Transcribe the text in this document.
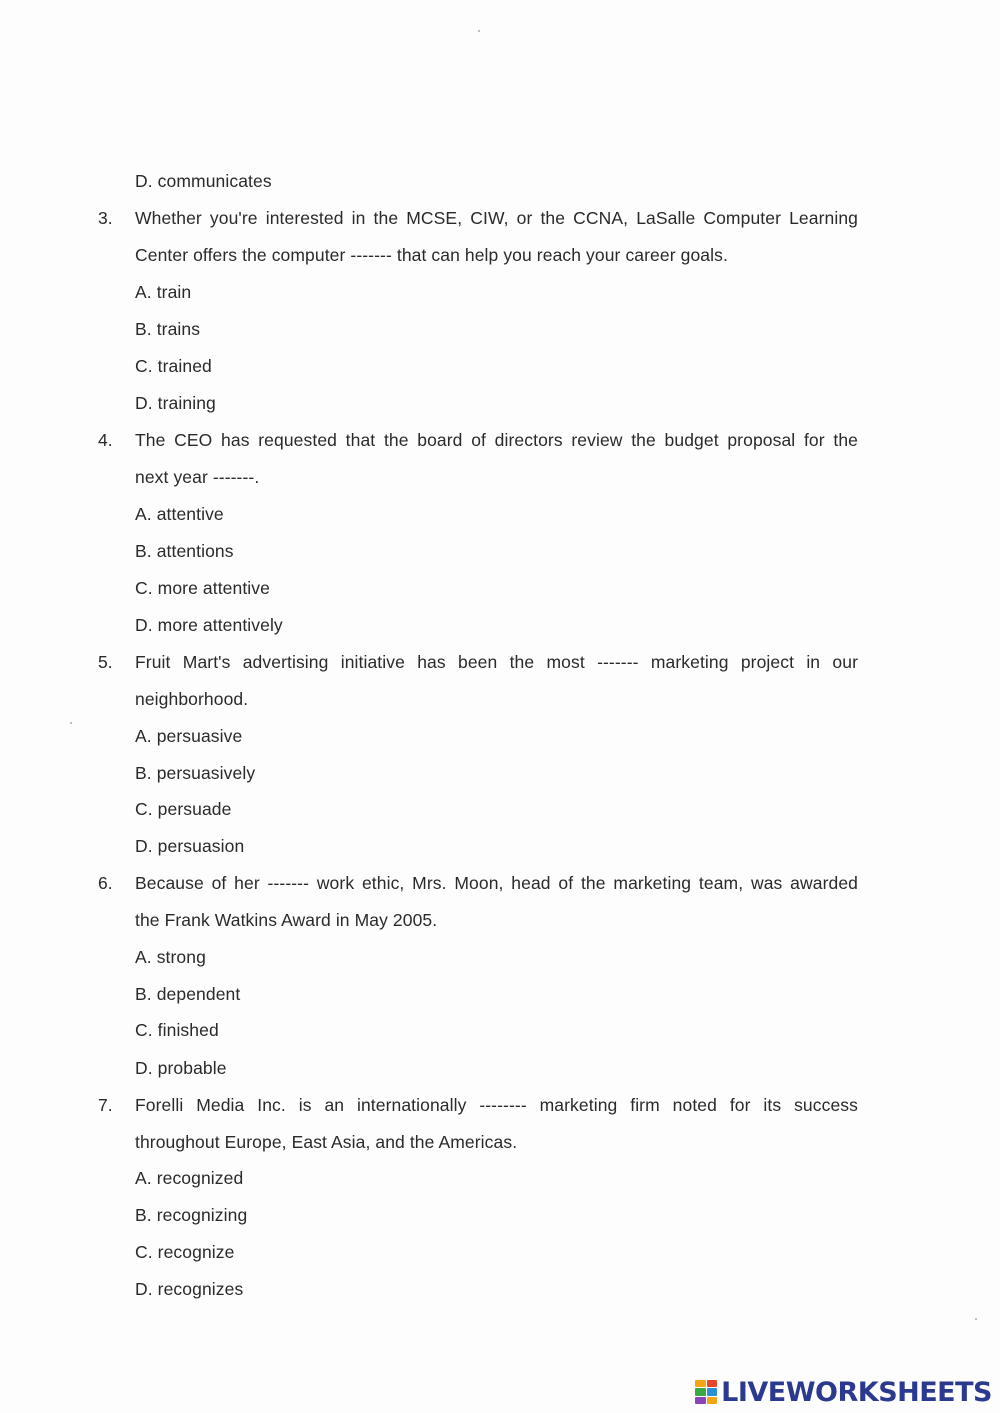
D. communicates
3. Whether you're interested in the MCSE, CIW, or the CCNA, LaSalle Computer Learning
Center offers the computer ------- that can help you reach your career goals.
A. train
B. trains
C. trained
D. training
4. The CEO has requested that the board of directors review the budget proposal for the
next year -------.
A. attentive
B. attentions
C. more attentive
D. more attentively
5. Fruit Mart's advertising initiative has been the most ------- marketing project in our
neighborhood.
A. persuasive
B. persuasively
C. persuade
D. persuasion
6. Because of her ------- work ethic, Mrs. Moon, head of the marketing team, was awarded
the Frank Watkins Award in May 2005.
A. strong
B. dependent
C. finished
D. probable
7. Forelli Media Inc. is an internationally -------- marketing firm noted for its success
throughout Europe, East Asia, and the Americas.
A. recognized
B. recognizing
C. recognize
D. recognizes
LIVEWORKSHEETS
